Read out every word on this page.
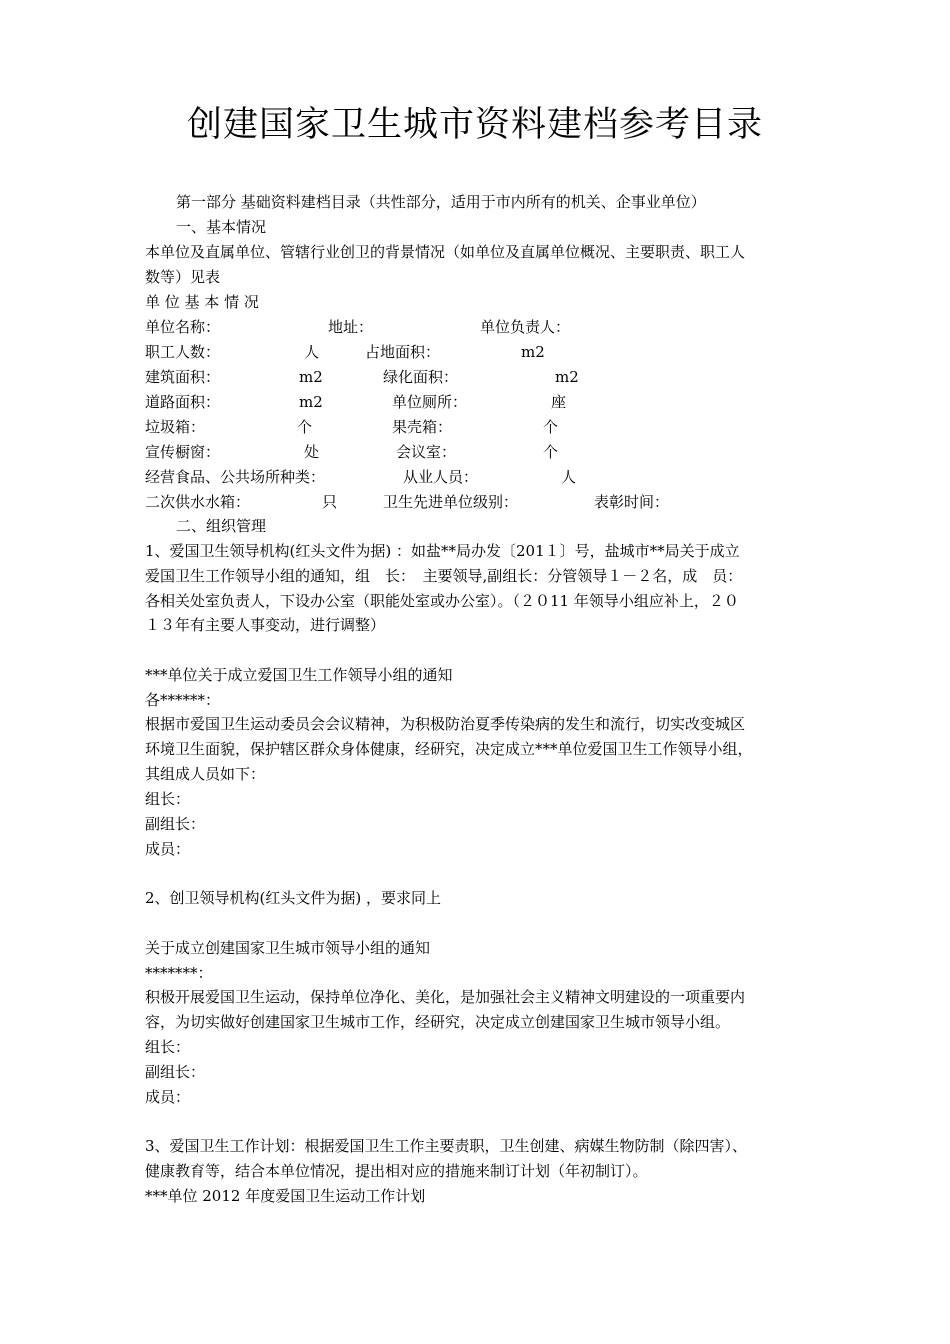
创建国家卫生城市资料建档参考目录
第一部分 基础资料建档目录（共性部分，适用于市内所有的机关、企事业单位）
一、基本情况
本单位及直属单位、管辖行业创卫的背景情况（如单位及直属单位概况、主要职责、职工人
数等）见表
单 位 基 本 情 况
单位名称：	地址：	单位负责人：
职工人数：	人	占地面积：	m2
建筑面积：	m2	绿化面积：	m2
道路面积：	m2	单位厕所：	座
垃圾箱：	个	果壳箱：	个
宣传橱窗：	处	会议室：	个
经营食品、公共场所种类：	从业人员：	人
二次供水水箱：	只	卫生先进单位级别：	表彰时间：
二、组织管理
1、爱国卫生领导机构(红头文件为据) ：如盐**局办发〔201１〕号，盐城市**局关于成立
爱国卫生工作领导小组的通知，组　长：　主要领导,副组长：分管领导１－２名，成　员：
各相关处室负责人，下设办公室（职能处室或办公室）。（２０11 年领导小组应补上，２０
１３年有主要人事变动，进行调整）
***单位关于成立爱国卫生工作领导小组的通知
各******：
根据市爱国卫生运动委员会会议精神，为积极防治夏季传染病的发生和流行，切实改变城区
环境卫生面貌，保护辖区群众身体健康，经研究，决定成立***单位爱国卫生工作领导小组，
其组成人员如下：
组长：
副组长：
成员：
2、创卫领导机构(红头文件为据) ，要求同上
关于成立创建国家卫生城市领导小组的通知
*******：
积极开展爱国卫生运动，保持单位净化、美化，是加强社会主义精神文明建设的一项重要内
容，为切实做好创建国家卫生城市工作，经研究，决定成立创建国家卫生城市领导小组。
组长：
副组长：
成员：
3、爱国卫生工作计划：根据爱国卫生工作主要责职，卫生创建、病媒生物防制（除四害）、
健康教育等，结合本单位情况，提出相对应的措施来制订计划（年初制订）。
***单位 2012 年度爱国卫生运动工作计划
